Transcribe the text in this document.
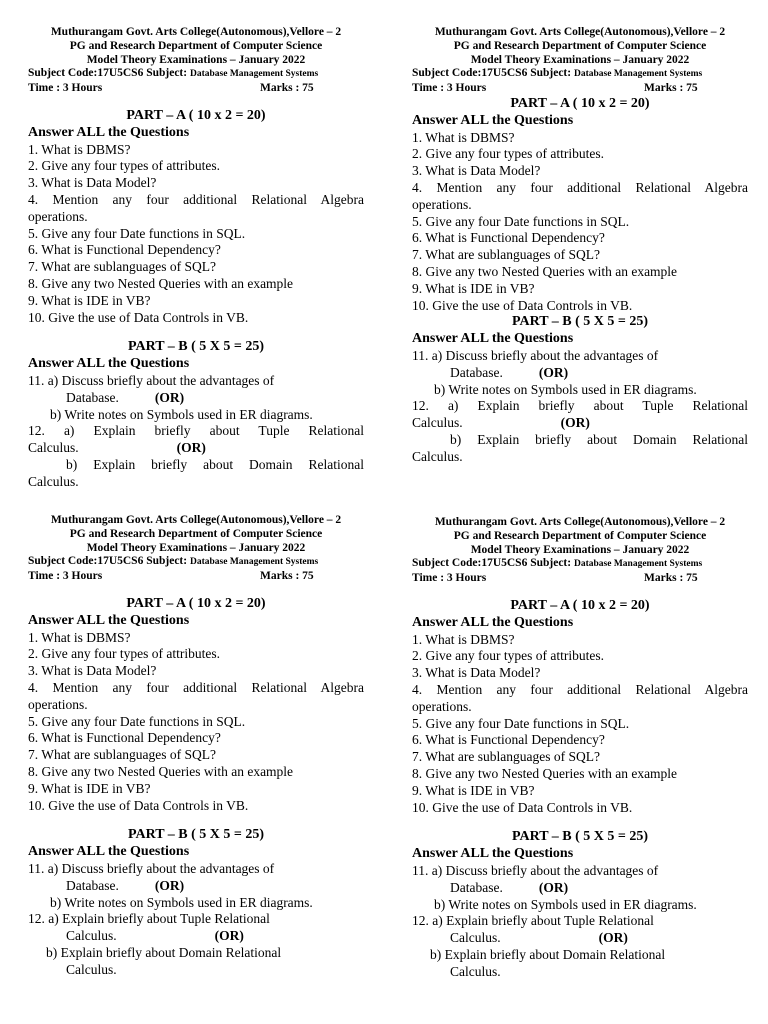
Muthurangam Govt. Arts College(Autonomous),Vellore – 2
PG and Research Department of Computer Science
Model Theory Examinations – January 2022
Subject Code:17U5CS6 Subject: Database Management Systems
Time : 3 Hours	Marks : 75
PART – A ( 10 x 2 = 20)
Answer ALL the Questions
1. What is DBMS?
2. Give any four types of attributes.
3. What is Data Model?
4. Mention any four additional Relational Algebra
operations.
5. Give any four Date functions in SQL.
6. What is Functional Dependency?
7. What are sublanguages of SQL?
8. Give any two Nested Queries with an example
9. What is IDE in VB?
10. Give the use of Data Controls in VB.
PART – B ( 5 X 5 = 25)
Answer ALL the Questions
11. a) Discuss briefly about the advantages of
Database.	(OR)
b) Write notes on Symbols used in ER diagrams.
12. a) Explain briefly about Tuple Relational
Calculus.	(OR)
b) Explain briefly about Domain Relational
Calculus.
Muthurangam Govt. Arts College(Autonomous),Vellore – 2
PG and Research Department of Computer Science
Model Theory Examinations – January 2022
Subject Code:17U5CS6 Subject: Database Management Systems
Time : 3 Hours	Marks : 75
PART – A ( 10 x 2 = 20)
Answer ALL the Questions
1. What is DBMS?
2. Give any four types of attributes.
3. What is Data Model?
4. Mention any four additional Relational Algebra
operations.
5. Give any four Date functions in SQL.
6. What is Functional Dependency?
7. What are sublanguages of SQL?
8. Give any two Nested Queries with an example
9. What is IDE in VB?
10. Give the use of Data Controls in VB.
PART – B ( 5 X 5 = 25)
Answer ALL the Questions
11. a) Discuss briefly about the advantages of
Database.	(OR)
b) Write notes on Symbols used in ER diagrams.
12. a) Explain briefly about Tuple Relational
Calculus.	(OR)
b) Explain briefly about Domain Relational
Calculus.
Muthurangam Govt. Arts College(Autonomous),Vellore – 2
PG and Research Department of Computer Science
Model Theory Examinations – January 2022
Subject Code:17U5CS6 Subject: Database Management Systems
Time : 3 Hours	Marks : 75
PART – A ( 10 x 2 = 20)
Answer ALL the Questions
1. What is DBMS?
2. Give any four types of attributes.
3. What is Data Model?
4. Mention any four additional Relational Algebra
operations.
5. Give any four Date functions in SQL.
6. What is Functional Dependency?
7. What are sublanguages of SQL?
8. Give any two Nested Queries with an example
9. What is IDE in VB?
10. Give the use of Data Controls in VB.
PART – B ( 5 X 5 = 25)
Answer ALL the Questions
11. a) Discuss briefly about the advantages of
Database.	(OR)
b) Write notes on Symbols used in ER diagrams.
12. a) Explain briefly about Tuple Relational
Calculus.	(OR)
b) Explain briefly about Domain Relational
Calculus.
Muthurangam Govt. Arts College(Autonomous),Vellore – 2
PG and Research Department of Computer Science
Model Theory Examinations – January 2022
Subject Code:17U5CS6 Subject: Database Management Systems
Time : 3 Hours	Marks : 75
PART – A ( 10 x 2 = 20)
Answer ALL the Questions
1. What is DBMS?
2. Give any four types of attributes.
3. What is Data Model?
4. Mention any four additional Relational Algebra
operations.
5. Give any four Date functions in SQL.
6. What is Functional Dependency?
7. What are sublanguages of SQL?
8. Give any two Nested Queries with an example
9. What is IDE in VB?
10. Give the use of Data Controls in VB.
PART – B ( 5 X 5 = 25)
Answer ALL the Questions
11. a) Discuss briefly about the advantages of
Database.	(OR)
b) Write notes on Symbols used in ER diagrams.
12. a) Explain briefly about Tuple Relational
Calculus.	(OR)
b) Explain briefly about Domain Relational
Calculus.
